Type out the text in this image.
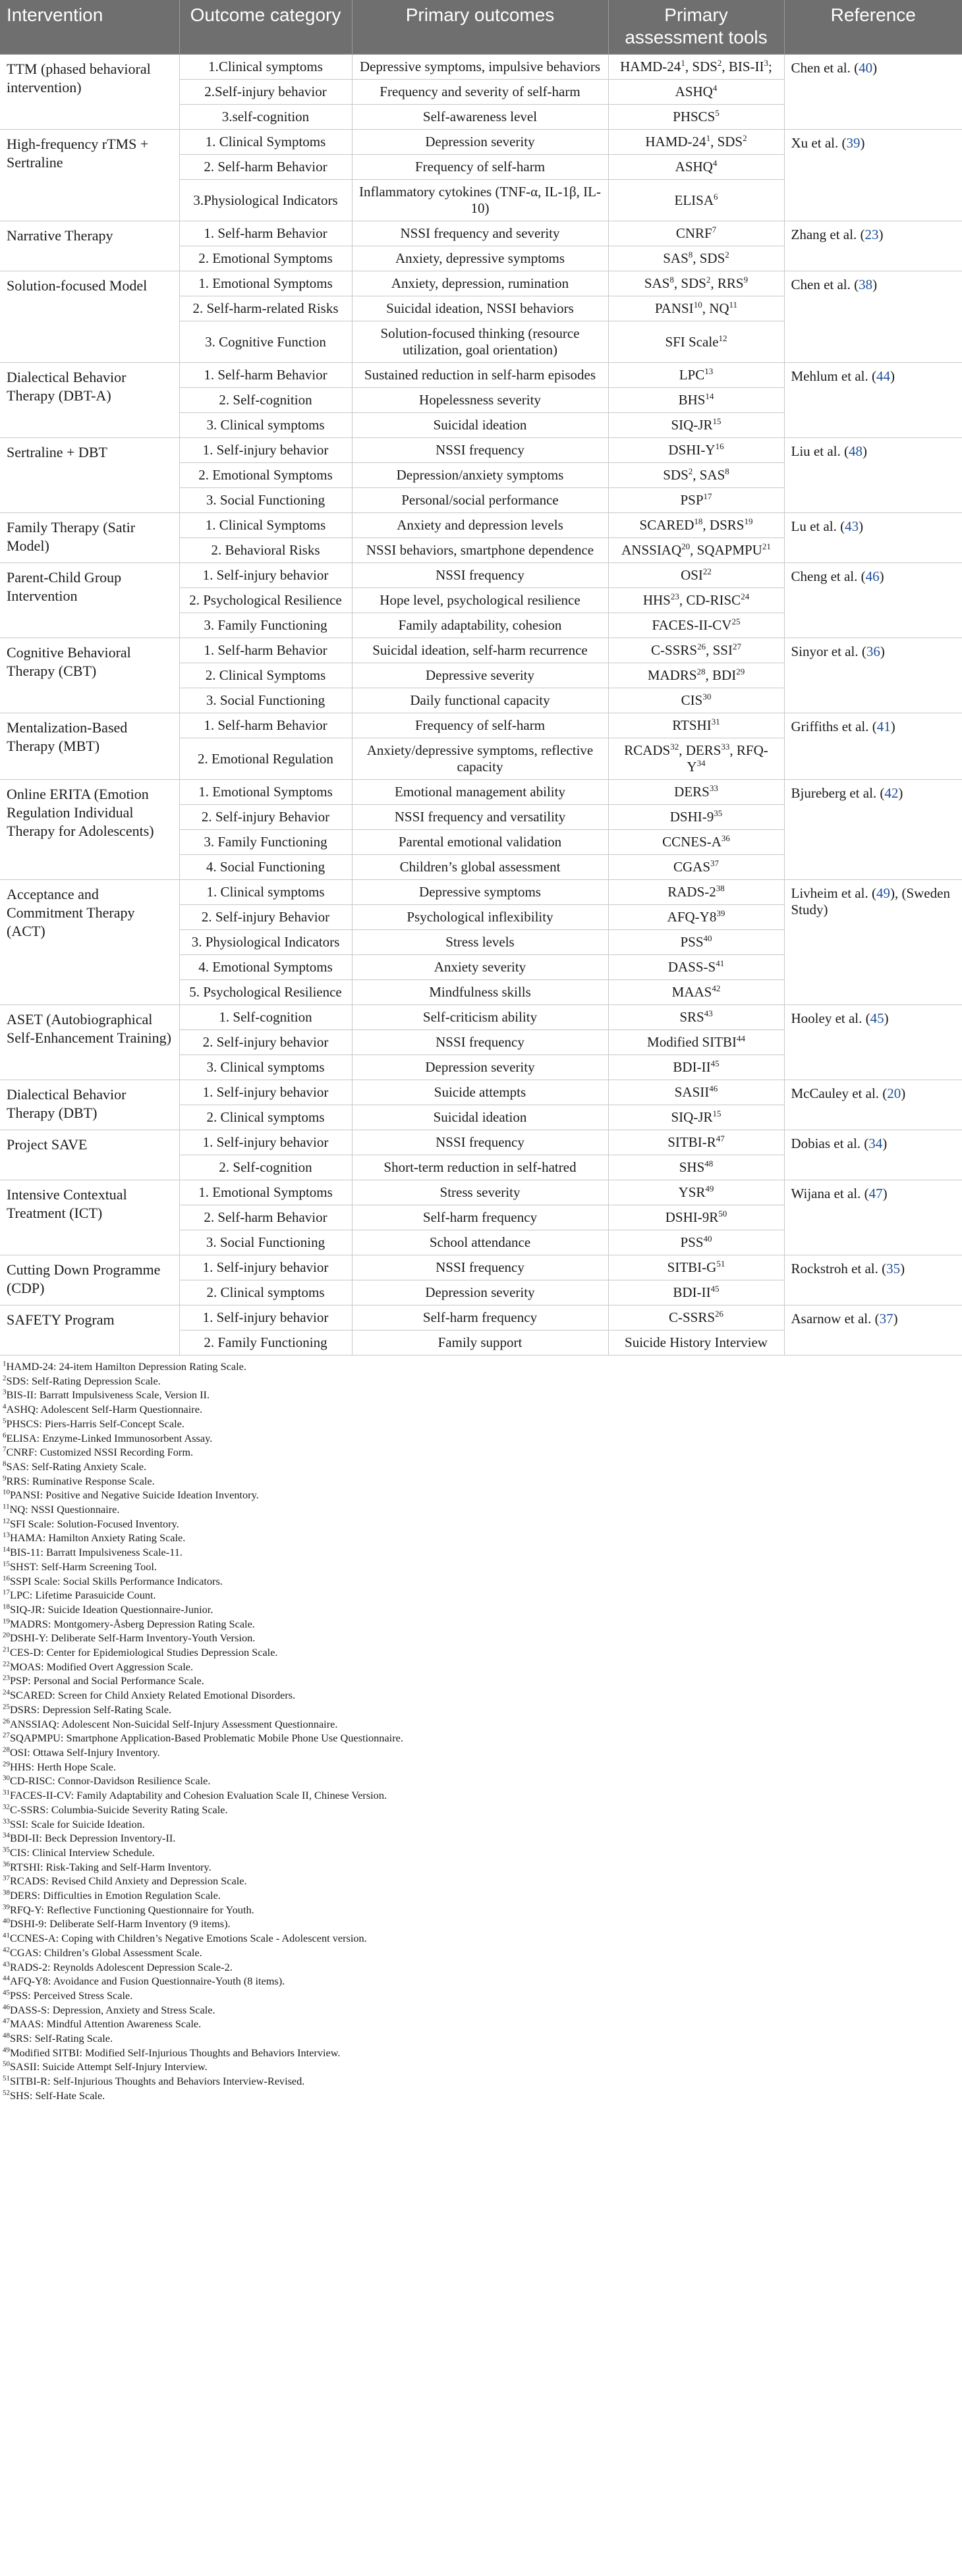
Intervention	Outcome category	Primary outcomes	Primary assessment tools	Reference
TTM (phased behavioral intervention)	1.Clinical symptoms	Depressive symptoms, impulsive behaviors	HAMD-$24^1$, SDS$^2$, BIS-$II^3$;	Chen et al. (40)
	2.Self-injury behavior	Frequency and severity of self-harm	ASHQ$^4$
	3.self-cognition	Self-awareness level	PHSCS$^5$
High-frequency rTMS + Sertraline	1. Clinical Symptoms	Depression severity	HAMD-$24^1$, SDS$^2$	Xu et al. (39)
	2. Self-harm Behavior	Frequency of self-harm	ASHQ$^4$
	3.Physiological Indicators	Inflammatory cytokines (TNF-α, IL-1β, IL-10)	ELISA$^6$
Narrative Therapy	1. Self-harm Behavior	NSSI frequency and severity	CNRF$^7$	Zhang et al. (23)
	2. Emotional Symptoms	Anxiety, depressive symptoms	SAS$^8$, SDS$^2$
Solution-focused Model	1. Emotional Symptoms	Anxiety, depression, rumination	SAS$^8$, SDS$^2$, RRS$^9$	Chen et al. (38)
	2. Self-harm-related Risks	Suicidal ideation, NSSI behaviors	PANSI$^{10}$, NQ$^{11}$
	3. Cognitive Function	Solution-focused thinking (resource utilization, goal orientation)	SFI Scale$^{12}$
Dialectical Behavior Therapy (DBT-A)	1. Self-harm Behavior	Sustained reduction in self-harm episodes	LPC$^{13}$	Mehlum et al. (44)
	2. Self-cognition	Hopelessness severity	BHS$^{14}$
	3. Clinical symptoms	Suicidal ideation	SIQ-JR$^{15}$
Sertraline + DBT	1. Self-injury behavior	NSSI frequency	DSHI-$Y^{16}$	Liu et al. (48)
	2. Emotional Symptoms	Depression/anxiety symptoms	SDS$^2$, SAS$^8$
	3. Social Functioning	Personal/social performance	PSP$^{17}$
Family Therapy (Satir Model)	1. Clinical Symptoms	Anxiety and depression levels	SCARED$^{18}$, DSRS$^{19}$	Lu et al. (43)
	2. Behavioral Risks	NSSI behaviors, smartphone dependence	ANSSIAQ$^{20}$, SQAPMPU$^{21}$
Parent-Child Group Intervention	1. Self-injury behavior	NSSI frequency	OSI$^{22}$	Cheng et al. (46)
	2. Psychological Resilience	Hope level, psychological resilience	HHS$^{23}$, CD-RISC$^{24}$
	3. Family Functioning	Family adaptability, cohesion	FACES-II-CV$^{25}$
Cognitive Behavioral Therapy (CBT)	1. Self-harm Behavior	Suicidal ideation, self-harm recurrence	C-SSRS$^{26}$, SSI$^{27}$	Sinyor et al. (36)
	2. Clinical Symptoms	Depressive severity	MADRS$^{28}$, BDI$^{29}$
	3. Social Functioning	Daily functional capacity	CIS$^{30}$
Mentalization-Based Therapy (MBT)	1. Self-harm Behavior	Frequency of self-harm	RTSHI$^{31}$	Griffiths et al. (41)
	2. Emotional Regulation	Anxiety/depressive symptoms, reflective capacity	RCADS$^{32}$, DERS$^{33}$, RFQ-$Y^{34}$
Online ERITA (Emotion Regulation Individual Therapy for Adolescents)	1. Emotional Symptoms	Emotional management ability	DERS$^{33}$	Bjureberg et al. (42)
	2. Self-injury Behavior	NSSI frequency and versatility	DSHI-$9^{35}$
	3. Family Functioning	Parental emotional validation	CCNES-$A^{36}$
	4. Social Functioning	Children’s global assessment	CGAS$^{37}$
Acceptance and Commitment Therapy (ACT)	1. Clinical symptoms	Depressive symptoms	RADS-$2^{38}$	Livheim et al. (49), (Sweden Study)
	2. Self-injury Behavior	Psychological inflexibility	AFQ-$Y8^{39}$
	3. Physiological Indicators	Stress levels	PSS$^{40}$
	4. Emotional Symptoms	Anxiety severity	DASS-$S^{41}$
	5. Psychological Resilience	Mindfulness skills	MAAS$^{42}$
ASET (Autobiographical Self-Enhancement Training)	1. Self-cognition	Self-criticism ability	SRS$^{43}$	Hooley et al. (45)
	2. Self-injury behavior	NSSI frequency	Modified SITBI$^{44}$
	3. Clinical symptoms	Depression severity	BDI-II$^{45}$
Dialectical Behavior Therapy (DBT)	1. Self-injury behavior	Suicide attempts	SASII$^{46}$	McCauley et al. (20)
	2. Clinical symptoms	Suicidal ideation	SIQ-JR$^{15}$
Project SAVE	1. Self-injury behavior	NSSI frequency	SITBI-$R^{47}$	Dobias et al. (34)
	2. Self-cognition	Short-term reduction in self-hatred	SHS$^{48}$
Intensive Contextual Treatment (ICT)	1. Emotional Symptoms	Stress severity	YSR$^{49}$	Wijana et al. (47)
	2. Self-harm Behavior	Self-harm frequency	DSHI-$9R^{50}$
	3. Social Functioning	School attendance	PSS$^{40}$
Cutting Down Programme (CDP)	1. Self-injury behavior	NSSI frequency	SITBI-$G^{51}$	Rockstroh et al. (35)
	2. Clinical symptoms	Depression severity	BDI-II$^{45}$
SAFETY Program	1. Self-injury behavior	Self-harm frequency	C-SSRS$^{26}$	Asarnow et al. (37)
	2. Family Functioning	Family support	Suicide History Interview	
$^1$HAMD-24: 24-item Hamilton Depression Rating Scale.
$^2$SDS: Self-Rating Depression Scale.
$^3$BIS-II: Barratt Impulsiveness Scale, Version II.
$^4$ASHQ: Adolescent Self-Harm Questionnaire.
$^5$PHSCS: Piers-Harris Self-Concept Scale.
$^6$ELISA: Enzyme-Linked Immunosorbent Assay.
$^7$CNRF: Customized NSSI Recording Form.
$^8$SAS: Self-Rating Anxiety Scale.
$^9$RRS: Ruminative Response Scale.
$^{10}$PANSI: Positive and Negative Suicide Ideation Inventory.
$^{11}$NQ: NSSI Questionnaire.
$^{12}$SFI Scale: Solution-Focused Inventory.
$^{13}$HAMA: Hamilton Anxiety Rating Scale.
$^{14}$BIS-11: Barratt Impulsiveness Scale-11.
$^{15}$SHST: Self-Harm Screening Tool.
$^{16}$SSPI Scale: Social Skills Performance Indicators.
$^{17}$LPC: Lifetime Parasuicide Count.
$^{18}$SIQ-JR: Suicide Ideation Questionnaire-Junior.
$^{19}$MADRS: Montgomery-Åsberg Depression Rating Scale.
$^{20}$DSHI-Y: Deliberate Self-Harm Inventory-Youth Version.
$^{21}$CES-D: Center for Epidemiological Studies Depression Scale.
$^{22}$MOAS: Modified Overt Aggression Scale.
$^{23}$PSP: Personal and Social Performance Scale.
$^{24}$SCARED: Screen for Child Anxiety Related Emotional Disorders.
$^{25}$DSRS: Depression Self-Rating Scale.
$^{26}$ANSSIAQ: Adolescent Non-Suicidal Self-Injury Assessment Questionnaire.
$^{27}$SQAPMPU: Smartphone Application-Based Problematic Mobile Phone Use Questionnaire.
$^{28}$OSI: Ottawa Self-Injury Inventory.
$^{29}$HHS: Herth Hope Scale.
$^{30}$CD-RISC: Connor-Davidson Resilience Scale.
$^{31}$FACES-II-CV: Family Adaptability and Cohesion Evaluation Scale II, Chinese Version.
$^{32}$C-SSRS: Columbia-Suicide Severity Rating Scale.
$^{33}$SSI: Scale for Suicide Ideation.
$^{34}$BDI-II: Beck Depression Inventory-II.
$^{35}$CIS: Clinical Interview Schedule.
$^{36}$RTSHI: Risk-Taking and Self-Harm Inventory.
$^{37}$RCADS: Revised Child Anxiety and Depression Scale.
$^{38}$DERS: Difficulties in Emotion Regulation Scale.
$^{39}$RFQ-Y: Reflective Functioning Questionnaire for Youth.
$^{40}$DSHI-9: Deliberate Self-Harm Inventory (9 items).
$^{41}$CCNES-A: Coping with Children’s Negative Emotions Scale - Adolescent version.
$^{42}$CGAS: Children’s Global Assessment Scale.
$^{43}$RADS-2: Reynolds Adolescent Depression Scale-2.
$^{44}$AFQ-Y8: Avoidance and Fusion Questionnaire-Youth (8 items).
$^{45}$PSS: Perceived Stress Scale.
$^{46}$DASS-S: Depression, Anxiety and Stress Scale.
$^{47}$MAAS: Mindful Attention Awareness Scale.
$^{48}$SRS: Self-Rating Scale.
$^{49}$Modified SITBI: Modified Self-Injurious Thoughts and Behaviors Interview.
$^{50}$SASII: Suicide Attempt Self-Injury Interview.
$^{51}$SITBI-R: Self-Injurious Thoughts and Behaviors Interview-Revised.
$^{52}$SHS: Self-Hate Scale.
